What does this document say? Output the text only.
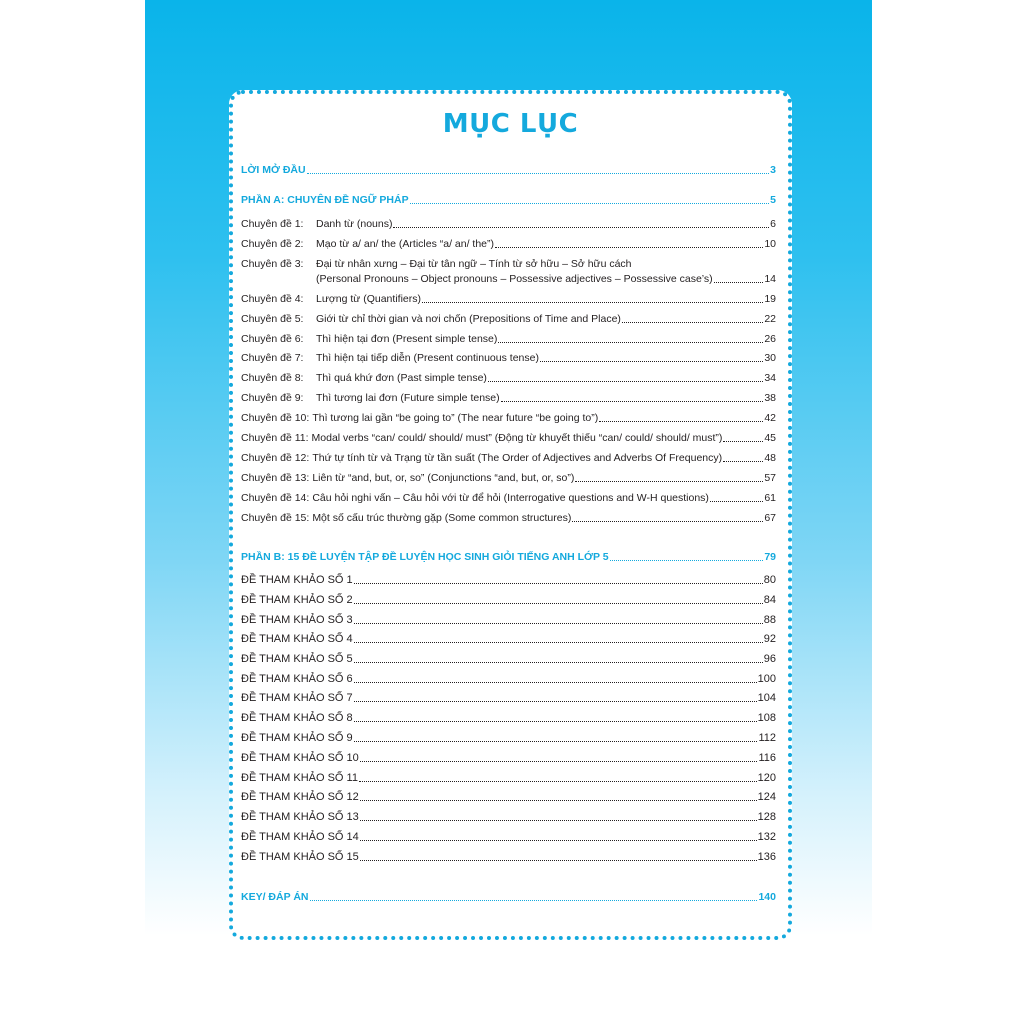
MỤC LỤC
LỜI MỞ ĐẦU	3
PHẦN A: CHUYÊN ĐỀ NGỮ PHÁP	5
Chuyên đề 1:	Danh từ (nouns)	6
Chuyên đề 2:	Mạo từ a/ an/ the (Articles “a/ an/ the”)	10
Chuyên đề 3:	Đại từ nhân xưng – Đại từ tân ngữ – Tính từ sở hữu – Sở hữu cách
(Personal Pronouns – Object pronouns – Possessive adjectives – Possessive case’s)	14
Chuyên đề 4:	Lượng từ (Quantifiers)	19
Chuyên đề 5:	Giới từ chỉ thời gian và nơi chốn (Prepositions of Time and Place)	22
Chuyên đề 6:	Thì hiện tại đơn (Present simple tense)	26
Chuyên đề 7:	Thì hiện tại tiếp diễn (Present continuous tense)	30
Chuyên đề 8:	Thì quá khứ đơn (Past simple tense)	34
Chuyên đề 9:	Thì tương lai đơn (Future simple tense)	38
Chuyên đề 10: Thì tương lai gần “be going to” (The near future “be going to”)	42
Chuyên đề 11: Modal verbs “can/ could/ should/ must” (Động từ khuyết thiếu “can/ could/ should/ must”)	45
Chuyên đề 12: Thứ tự tính từ và Trạng từ tần suất (The Order of Adjectives and Adverbs Of Frequency)	48
Chuyên đề 13: Liên từ “and, but, or, so” (Conjunctions “and, but, or, so”)	57
Chuyên đề 14: Câu hỏi nghi vấn – Câu hỏi với từ để hỏi (Interrogative questions and W-H questions)	61
Chuyên đề 15: Một số cấu trúc thường gặp (Some common structures)	67
PHẦN B: 15 ĐỀ LUYỆN TẬP ĐỀ LUYỆN HỌC SINH GIỎI TIẾNG ANH LỚP 5	79
ĐỀ THAM KHẢO SỐ 1	80
ĐỀ THAM KHẢO SỐ 2	84
ĐỀ THAM KHẢO SỐ 3	88
ĐỀ THAM KHẢO SỐ 4	92
ĐỀ THAM KHẢO SỐ 5	96
ĐỀ THAM KHẢO SỐ 6	100
ĐỀ THAM KHẢO SỐ 7	104
ĐỀ THAM KHẢO SỐ 8	108
ĐỀ THAM KHẢO SỐ 9	112
ĐỀ THAM KHẢO SỐ 10	116
ĐỀ THAM KHẢO SỐ 11	120
ĐỀ THAM KHẢO SỐ 12	124
ĐỀ THAM KHẢO SỐ 13	128
ĐỀ THAM KHẢO SỐ 14	132
ĐỀ THAM KHẢO SỐ 15	136
KEY/ ĐÁP ÁN	140
